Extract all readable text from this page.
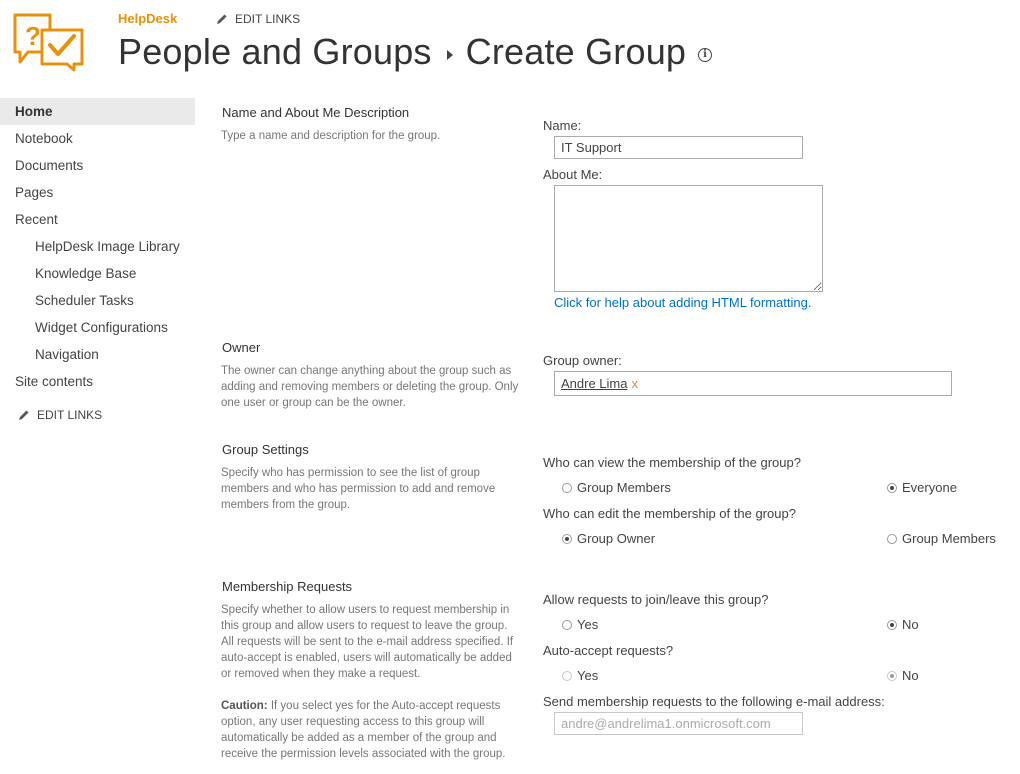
?
HelpDesk	EDIT LINKS
People and Groups Create Group	i
Home
Notebook
Documents
Pages
Recent
HelpDesk Image Library
Knowledge Base
Scheduler Tasks
Widget Configurations
Navigation
Site contents
EDIT LINKS
Name and About Me Description
Type a name and description for the group.
Name:
IT Support
About Me:
Click for help about adding HTML formatting.
Owner
The owner can change anything about the group such as adding and removing members or deleting the group. Only one user or group can be the owner.
Group owner:
Andre Lima x
Group Settings
Specify who has permission to see the list of group members and who has permission to add and remove members from the group.
Who can view the membership of the group?
Group Members	Everyone
Who can edit the membership of the group?
Group Owner	Group Members
Membership Requests
Specify whether to allow users to request membership in this group and allow users to request to leave the group. All requests will be sent to the e-mail address specified. If auto-accept is enabled, users will automatically be added or removed when they make a request.
Caution: If you select yes for the Auto-accept requests option, any user requesting access to this group will automatically be added as a member of the group and receive the permission levels associated with the group.
Allow requests to join/leave this group?
Yes	No
Auto-accept requests?
Yes	No
Send membership requests to the following e-mail address:
andre@andrelima1.onmicrosoft.com
